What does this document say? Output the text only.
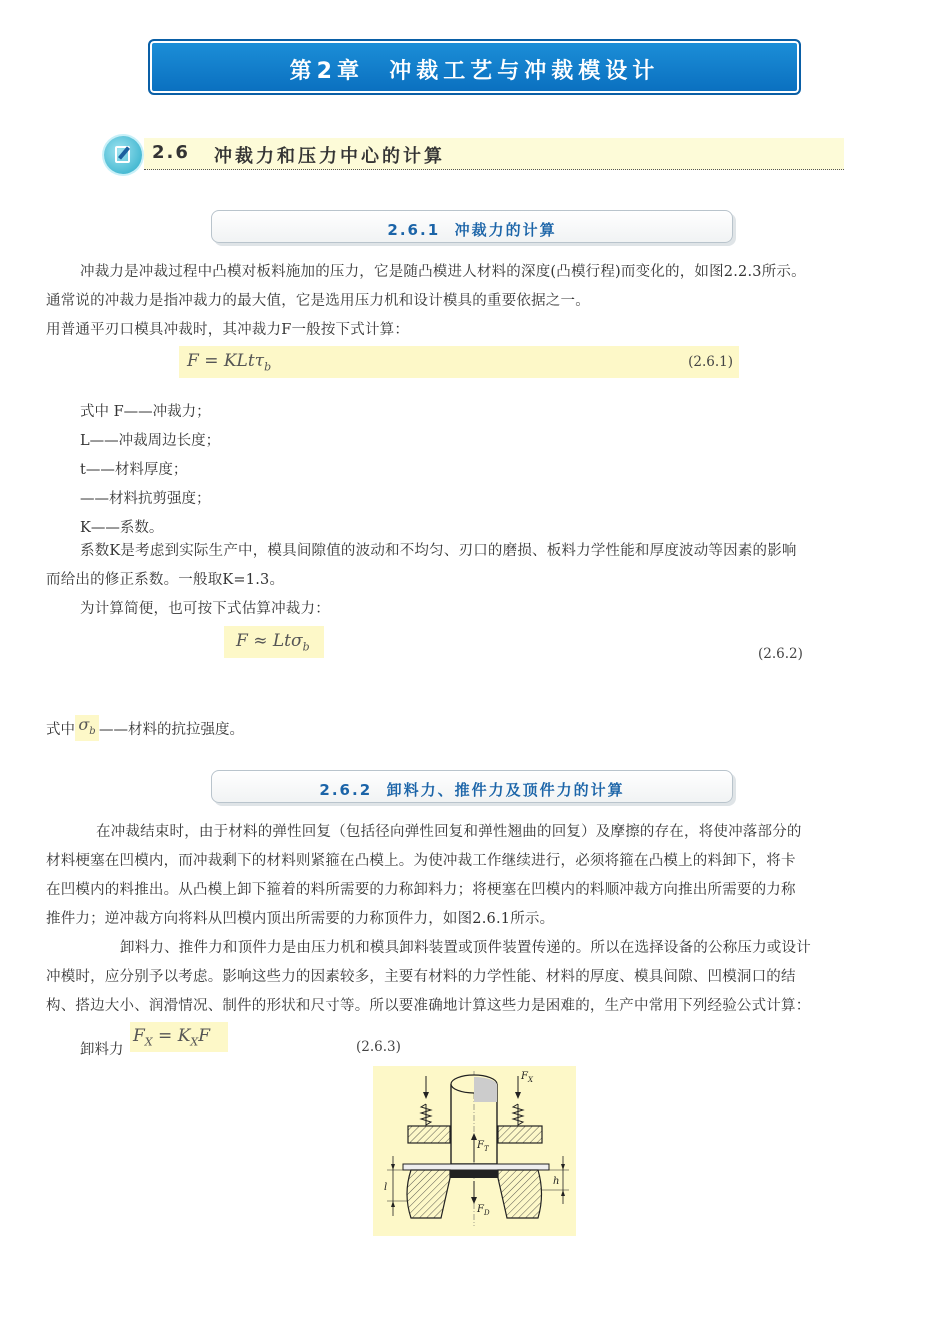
第2章  冲裁工艺与冲裁模设计
2.6 冲裁力和压力中心的计算
2.6.1  冲裁力的计算
冲裁力是冲裁过程中凸模对板料施加的压力，它是随凸模进人材料的深度(凸模行程)而变化的，如图2.2.3所示。
通常说的冲裁力是指冲裁力的最大值，它是选用压力机和设计模具的重要依据之一。
用普通平刃口模具冲裁时，其冲裁力F一般按下式计算：
F = KLtτ$_b$	(2.6.1)
式中 F——冲裁力；
L——冲裁周边长度；
t——材料厚度；
——材料抗剪强度；
K——系数。
系数K是考虑到实际生产中，模具间隙值的波动和不均匀、刃口的磨损、板料力学性能和厚度波动等因素的影响
而给出的修正系数。一般取K=1.3。
为计算简便，也可按下式估算冲裁力：
F ≈ Ltσ$_b$	(2.6.2)
式中 $\sigma_b$ ——材料的抗拉强度。
2.6.2  卸料力、推件力及顶件力的计算
在冲裁结束时，由于材料的弹性回复（包括径向弹性回复和弹性翘曲的回复）及摩擦的存在，将使冲落部分的
材料梗塞在凹模内，而冲裁剩下的材料则紧箍在凸模上。为使冲裁工作继续进行，必须将箍在凸模上的料卸下，将卡
在凹模内的料推出。从凸模上卸下箍着的料所需要的力称卸料力；将梗塞在凹模内的料顺冲裁方向推出所需要的力称
推件力；逆冲裁方向将料从凹模内顶出所需要的力称顶件力，如图2.6.1所示。
卸料力、推件力和顶件力是由压力机和模具卸料装置或顶件装置传递的。所以在选择设备的公称压力或设计
冲模时，应分别予以考虑。影响这些力的因素较多，主要有材料的力学性能、材料的厚度、模具间隙、凹模洞口的结
构、搭边大小、润滑情况、制件的形状和尺寸等。所以要准确地计算这些力是困难的，生产中常用下列经验公式计算：
卸料力
$F_X = K_XF$
(2.6.3)
$F_X$
$F_T$
$F_D$
l
h
